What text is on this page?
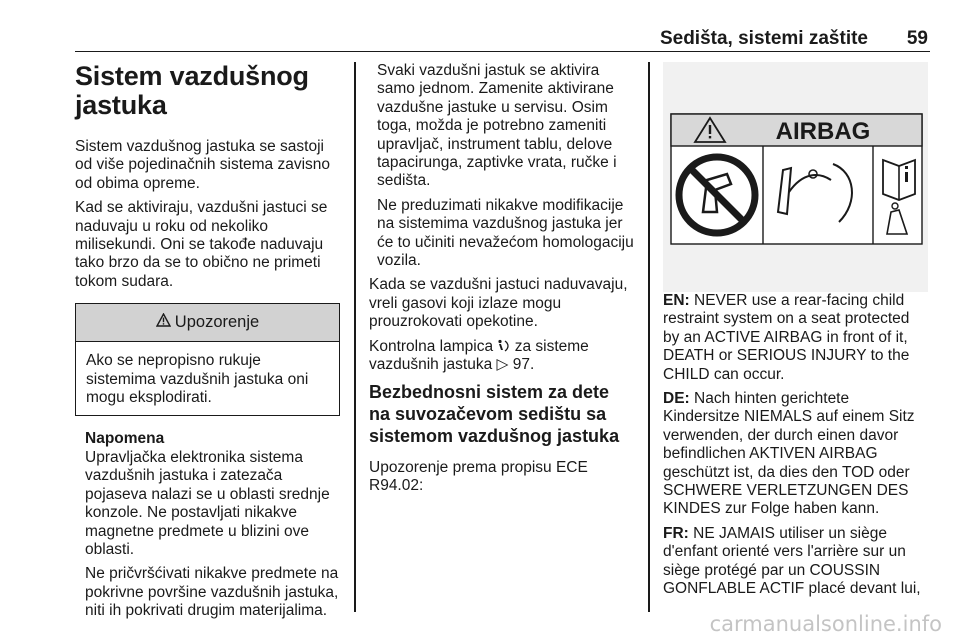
Sedišta, sistemi zaštite 59
Sistem vazdušnog
jastuka

Sistem vazdušnog jastuka se sastoji od više pojedinačnih sistema zavisno od obima opreme.

Kad se aktiviraju, vazdušni jastuci se naduvaju u roku od nekoliko milisekundi. Oni se takođe naduvaju tako brzo da se to obično ne primeti tokom sudara.

Upozorenje

Ako se nepropisno rukuje sistemima vazdušnih jastuka oni mogu eksplodirati.

Napomena

Upravljačka elektronika sistema vazdušnih jastuka i zatezača pojaseva nalazi se u oblasti srednje konzole. Ne postavljati nikakve magnetne predmete u blizini ove oblasti.

Ne pričvršćivati nikakve predmete na pokrivne površine vazdušnih jastuka, niti ih pokrivati drugim materijalima.

Svaki vazdušni jastuk se aktivira samo jednom. Zamenite aktivirane vazdušne jastuke u servisu. Osim toga, možda je potrebno zameniti upravljač, instrument tablu, delove tapacirunga, zaptivke vrata, ručke i sedišta.

Ne preduzimati nikakve modifikacije na sistemima vazdušnog jastuka jer će to učiniti nevažećom homologaciju vozila.

Kada se vazdušni jastuci naduvavaju, vreli gasovi koji izlaze mogu prouzrokovati opekotine.

Kontrolna lampica za sisteme vazdušnih jastuka ▷ 97.

Bezbednosni sistem za dete na suvozačevom sedištu sa sistemom vazdušnog jastuka

Upozorenje prema propisu ECE R94.02:

AIRBAG

EN: NEVER use a rear-facing child restraint system on a seat protected by an ACTIVE AIRBAG in front of it, DEATH or SERIOUS INJURY to the CHILD can occur.

DE: Nach hinten gerichtete Kindersitze NIEMALS auf einem Sitz verwenden, der durch einen davor befindlichen AKTIVEN AIRBAG geschützt ist, da dies den TOD oder SCHWERE VERLETZUNGEN DES KINDES zur Folge haben kann.

FR: NE JAMAIS utiliser un siège d'enfant orienté vers l'arrière sur un siège protégé par un COUSSIN GONFLABLE ACTIF placé devant lui,

carmanualsonline.info
